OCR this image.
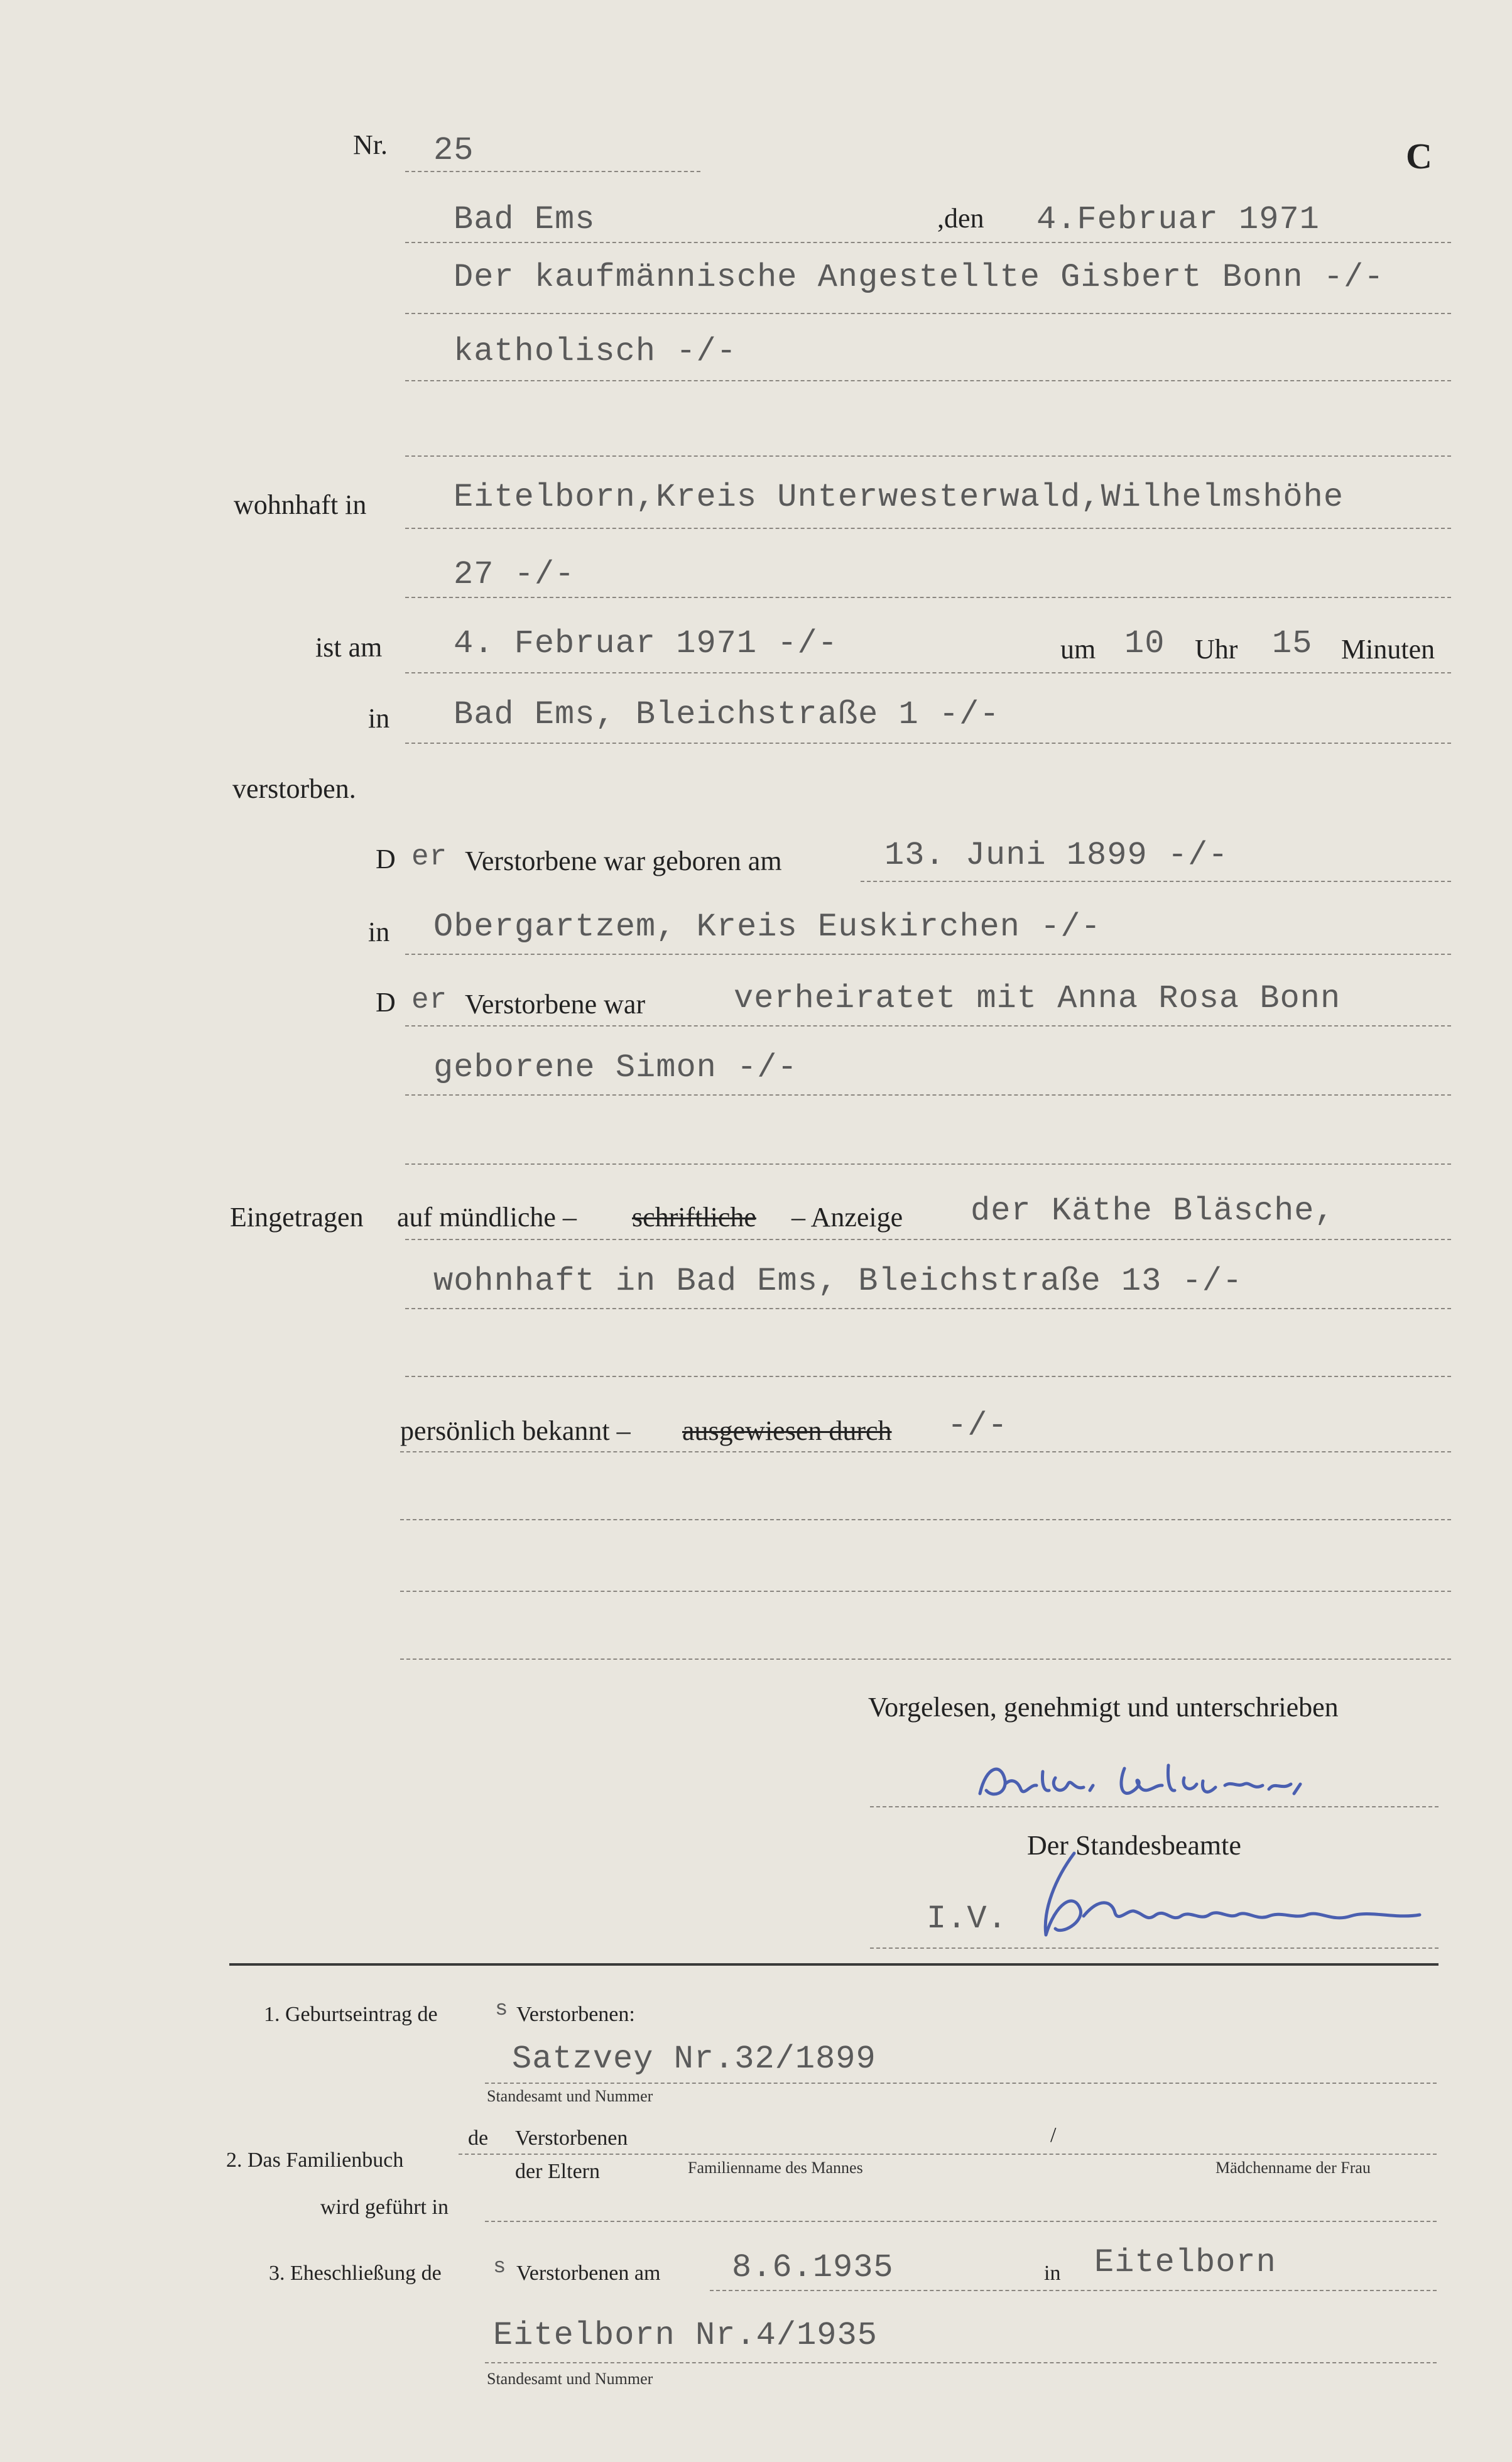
Nr. 25	C
Bad Ems	,den 4.Februar 1971
Der kaufmännische Angestellte Gisbert Bonn -/-
katholisch -/-
wohnhaft in	Eitelborn,Kreis Unterwesterwald,Wilhelmshöhe
27 -/-
ist am 4. Februar 1971 -/-	um 10 Uhr 15 Minuten
in Bad Ems, Bleichstraße 1 -/-
verstorben.
D er Verstorbene war geboren am	13. Juni 1899 -/-
in Obergartzem, Kreis Euskirchen -/-
D er Verstorbene war	verheiratet mit Anna Rosa Bonn
geborene Simon -/-
Eingetragen auf mündliche – schriftliche – Anzeige der Käthe Bläsche,
wohnhaft in Bad Ems, Bleichstraße 13 -/-
persönlich bekannt – ausgewiesen durch -/-
Vorgelesen, genehmigt und unterschrieben
Der Standesbeamte
I.V.
1. Geburtseintrag de	s Verstorbenen:
Satzvey Nr.32/1899
Standesamt und Nummer
de Verstorbenen	/
2. Das Familienbuch	der Eltern	Familienname des Mannes	Mädchenname der Frau
wird geführt in
3. Eheschließung de s Verstorbenen am 8.6.1935	in Eitelborn
Eitelborn Nr.4/1935
Standesamt und Nummer
